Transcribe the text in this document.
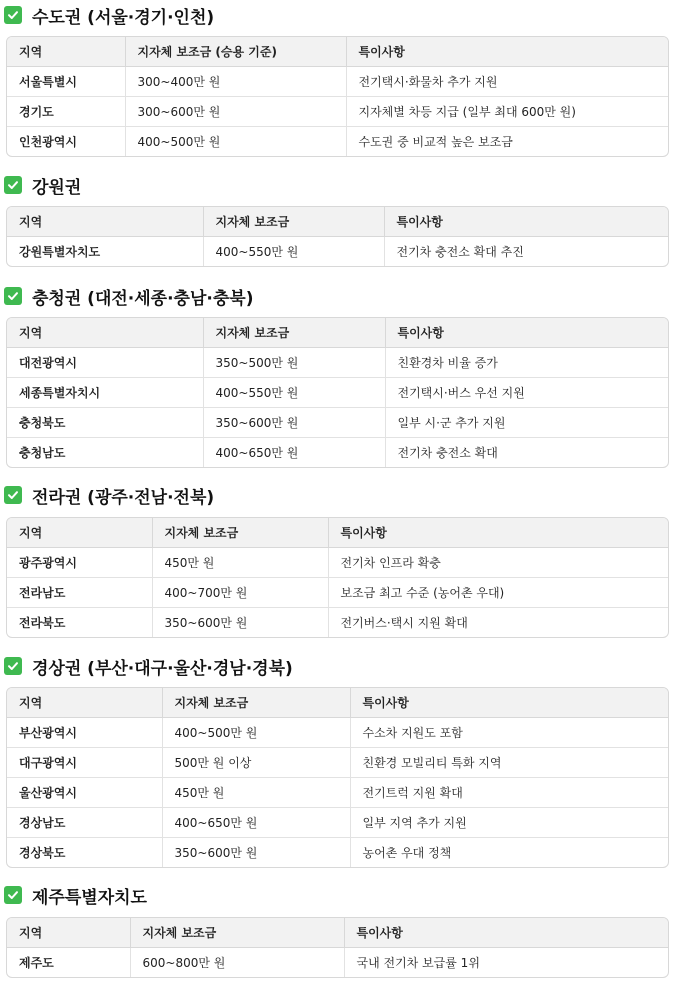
수도권 (서울·경기·인천)
지역	지자체 보조금 (승용 기준)	특이사항
서울특별시	300~400만 원	전기택시·화물차 추가 지원
경기도	300~600만 원	지자체별 차등 지급 (일부 최대 600만 원)
인천광역시	400~500만 원	수도권 중 비교적 높은 보조금
강원권
지역	지자체 보조금	특이사항
강원특별자치도	400~550만 원	전기차 충전소 확대 추진
충청권 (대전·세종·충남·충북)
지역	지자체 보조금	특이사항
대전광역시	350~500만 원	친환경차 비율 증가
세종특별자치시	400~550만 원	전기택시·버스 우선 지원
충청북도	350~600만 원	일부 시·군 추가 지원
충청남도	400~650만 원	전기차 충전소 확대
전라권 (광주·전남·전북)
지역	지자체 보조금	특이사항
광주광역시	450만 원	전기차 인프라 확충
전라남도	400~700만 원	보조금 최고 수준 (농어촌 우대)
전라북도	350~600만 원	전기버스·택시 지원 확대
경상권 (부산·대구·울산·경남·경북)
지역	지자체 보조금	특이사항
부산광역시	400~500만 원	수소차 지원도 포함
대구광역시	500만 원 이상	친환경 모빌리티 특화 지역
울산광역시	450만 원	전기트럭 지원 확대
경상남도	400~650만 원	일부 지역 추가 지원
경상북도	350~600만 원	농어촌 우대 정책
제주특별자치도
지역	지자체 보조금	특이사항
제주도	600~800만 원	국내 전기차 보급률 1위
